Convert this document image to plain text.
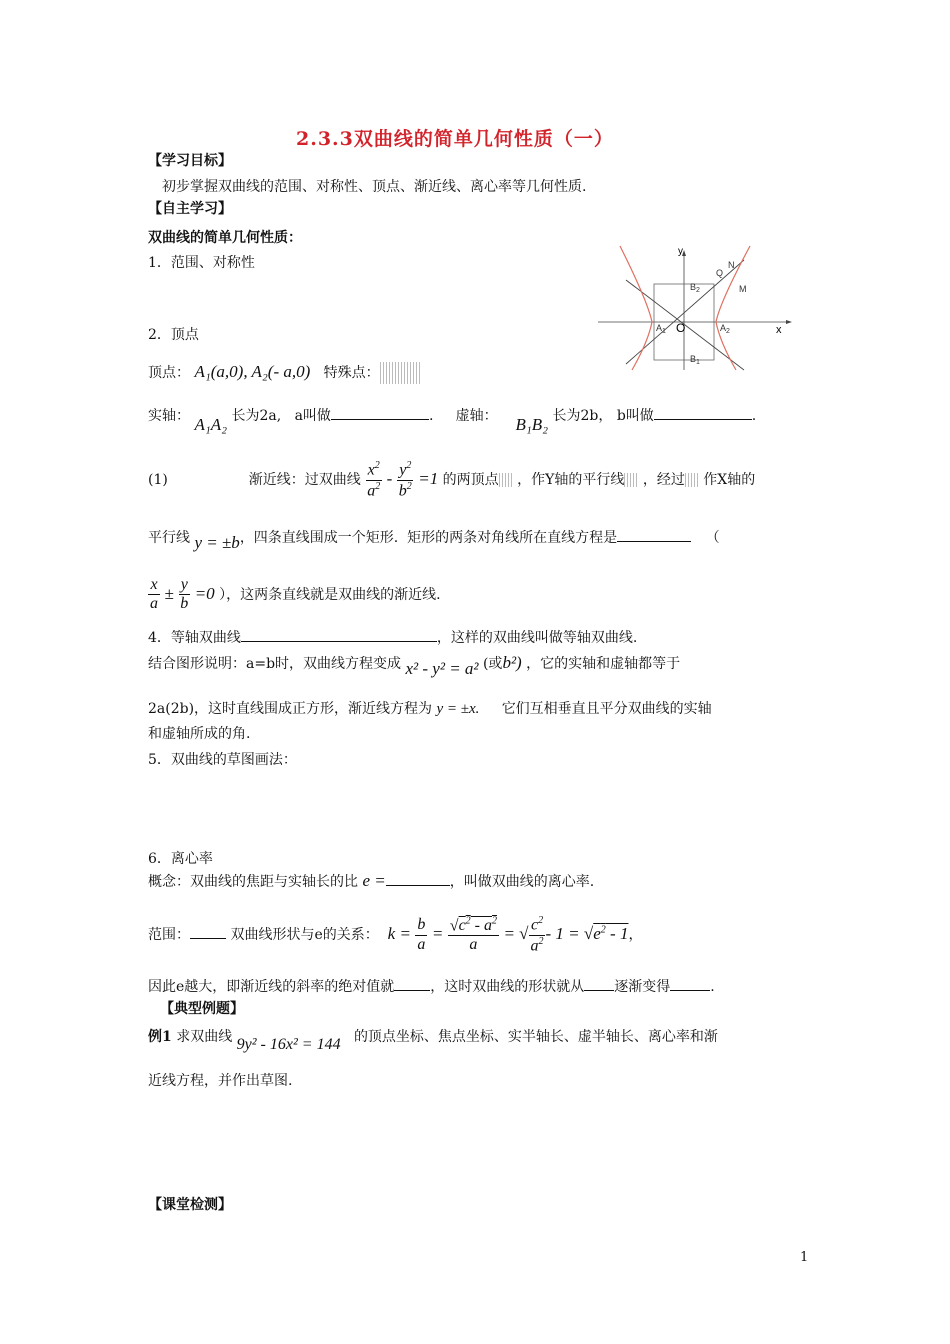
2.3.3双曲线的简单几何性质（一）
【学习目标】
初步掌握双曲线的范围、对称性、顶点、渐近线、离心率等几何性质.
【自主学习】
双曲线的简单几何性质：
1．范围、对称性
y
x
O
$A_1$	$A_2$
$B_2$
$B_1$
Q
N
M
2．顶点
顶点： A₁(a,0), A₂(- a,0) 特殊点：
实轴： A₁A₂ 长为2a, a叫做	.     虚轴： B₁B₂ 长为2b， b叫做	.
(1)	渐近线：过双曲线 $\frac{x^2}{a^2} - \frac{y^2}{b^2} =1$ 的两顶点 ，作Y轴的平行线 ，经过 作X轴的
平行线 y = ±b，四条直线围成一个矩形. 矩形的两条对角线所在直线方程是	（
$\frac{x}{a} \pm \frac{y}{b} =0$ ），这两条直线就是双曲线的渐近线.
4．等轴双曲线	，这样的双曲线叫做等轴双曲线.
结合图形说明：a=b时，双曲线方程变成 x² - y² = a² (或b²) ，它的实轴和虚轴都等于
2a(2b)，这时直线围成正方形，渐近线方程为 y = ±x. 它们互相垂直且平分双曲线的实轴
和虚轴所成的角.
5．双曲线的草图画法：
6．离心率
概念：双曲线的焦距与实轴长的比 e =	，叫做双曲线的离心率.
范围：	双曲线形状与e的关系： $k = \frac{b}{a} = \frac{√c^2 - a^2}{a}$ = √ $\frac{c^2}{a^2} - 1 = √e^2 - 1$，
因此e越大，即渐近线的斜率的绝对值就	，这时双曲线的形状就从 逐渐变得	.
【典型例题】
例1 求双曲线 9y² - 16x² = 144 的顶点坐标、焦点坐标、实半轴长、虚半轴长、离心率和渐
近线方程，并作出草图.
【课堂检测】
1
